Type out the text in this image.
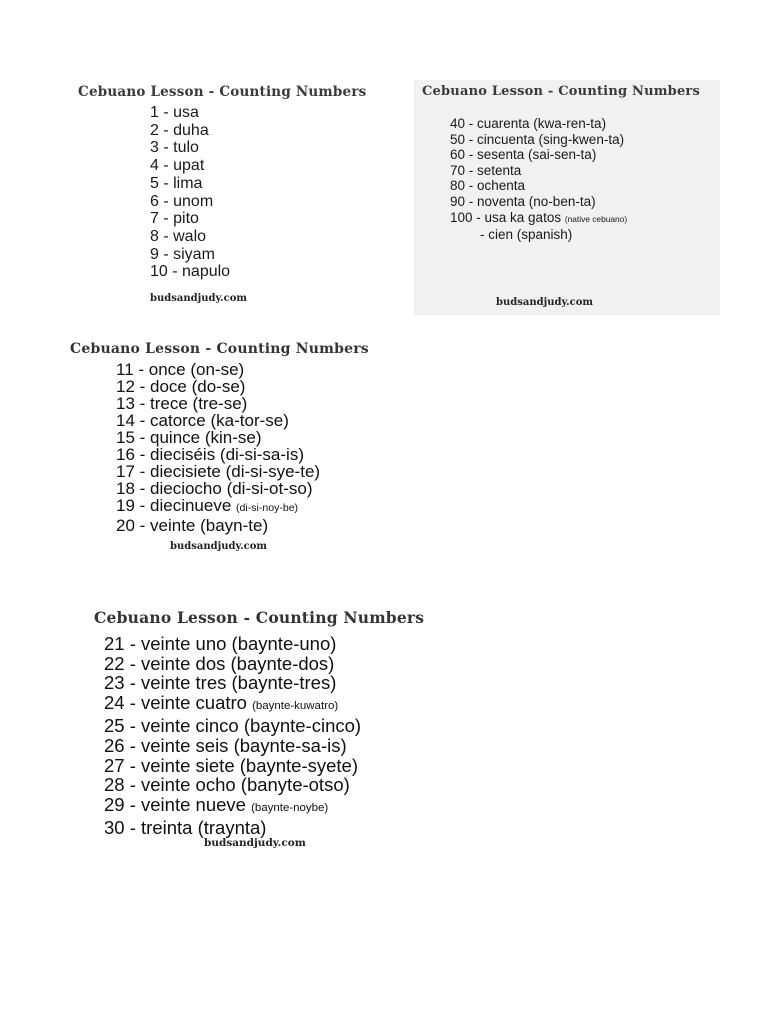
Cebuano Lesson - Counting Numbers
1 - usa
2 - duha
3 - tulo
4 - upat
5 - lima
6 - unom
7 - pito
8 - walo
9 - siyam
10 - napulo
budsandjudy.com
Cebuano Lesson - Counting Numbers
40 - cuarenta (kwa-ren-ta)
50 - cincuenta (sing-kwen-ta)
60 - sesenta (sai-sen-ta)
70 - setenta
80 - ochenta
90 - noventa (no-ben-ta)
100 - usa ka gatos (native cebuano)
- cien (spanish)
budsandjudy.com
Cebuano Lesson - Counting Numbers
11 - once (on-se)
12 - doce (do-se)
13 - trece (tre-se)
14 - catorce (ka-tor-se)
15 - quince (kin-se)
16 - dieciséis (di-si-sa-is)
17 - diecisiete (di-si-sye-te)
18 - dieciocho (di-si-ot-so)
19 - diecinueve (di-si-noy-be)
20 - veinte (bayn-te)
budsandjudy.com
Cebuano Lesson - Counting Numbers
21 - veinte uno (baynte-uno)
22 - veinte dos (baynte-dos)
23 - veinte tres (baynte-tres)
24 - veinte cuatro (baynte-kuwatro)
25 - veinte cinco (baynte-cinco)
26 - veinte seis (baynte-sa-is)
27 - veinte siete (baynte-syete)
28 - veinte ocho (banyte-otso)
29 - veinte nueve (baynte-noybe)
30 - treinta (traynta)
budsandjudy.com
